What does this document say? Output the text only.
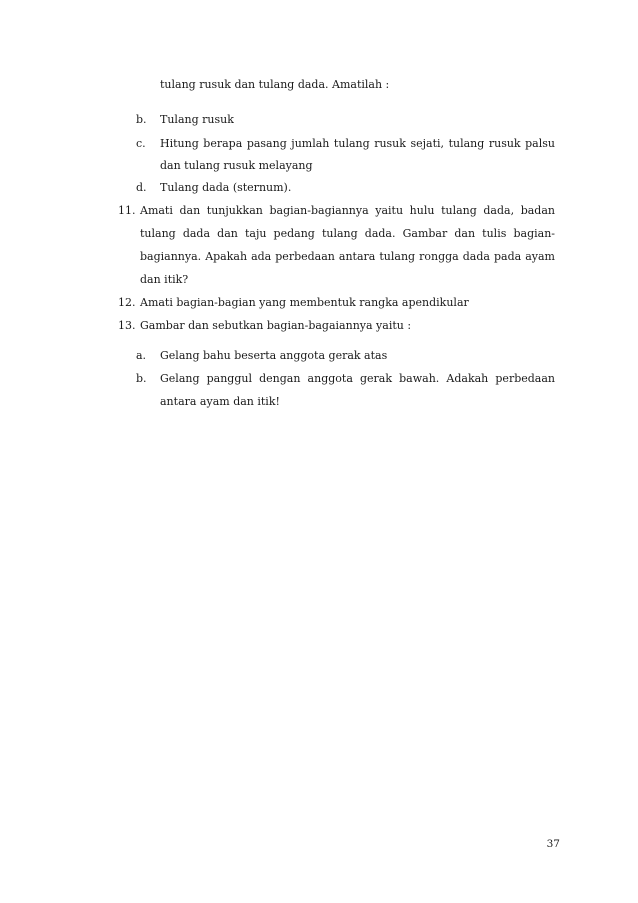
tulang rusuk dan tulang dada. Amatilah :
b. Tulang rusuk
c. Hitung berapa pasang jumlah tulang rusuk sejati, tulang rusuk palsu
dan tulang rusuk melayang
d. Tulang dada (sternum).
11. Amati dan tunjukkan bagian-bagiannya yaitu hulu tulang dada, badan
tulang dada dan taju pedang tulang dada. Gambar dan tulis bagian-
bagiannya. Apakah ada perbedaan antara tulang rongga dada pada ayam
dan itik?
12. Amati bagian-bagian yang membentuk rangka apendikular
13. Gambar dan sebutkan bagian-bagaiannya yaitu :
a. Gelang bahu beserta anggota gerak atas
b. Gelang panggul dengan anggota gerak bawah. Adakah perbedaan
antara ayam dan itik!
37
